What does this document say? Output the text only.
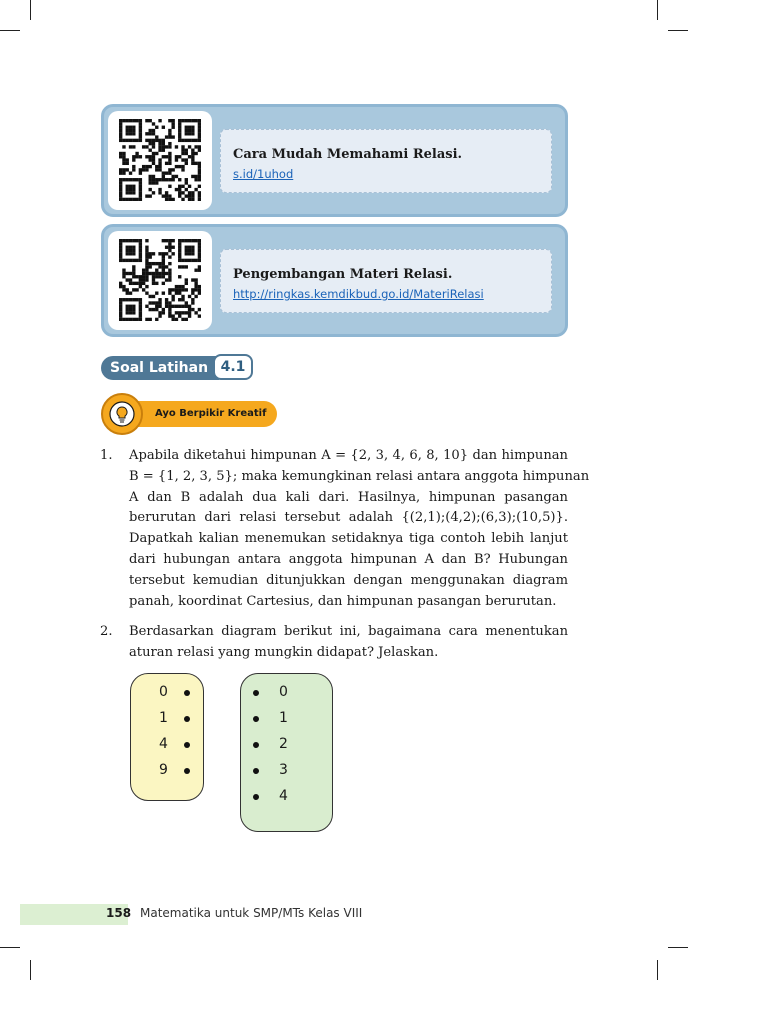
Cara Mudah Memahami Relasi.
s.id/1uhod
Pengembangan Materi Relasi.
http://ringkas.kemdikbud.go.id/MateriRelasi
Soal Latihan 4.1
Ayo Berpikir Kreatif
1. Apabila diketahui himpunan A = {2, 3, 4, 6, 8, 10} dan himpunan
B = {1, 2, 3, 5}; maka kemungkinan relasi antara anggota himpunan
A dan B adalah dua kali dari. Hasilnya, himpunan pasangan
berurutan dari relasi tersebut adalah {(2,1);(4,2);(6,3);(10,5)}.
Dapatkah kalian menemukan setidaknya tiga contoh lebih lanjut
dari hubungan antara anggota himpunan A dan B? Hubungan
tersebut kemudian ditunjukkan dengan menggunakan diagram
panah, koordinat Cartesius, dan himpunan pasangan berurutan.
2. Berdasarkan diagram berikut ini, bagaimana cara menentukan
aturan relasi yang mungkin didapat? Jelaskan.
0
1
4
9
0
1
2
3
4
158 Matematika untuk SMP/MTs Kelas VIII
